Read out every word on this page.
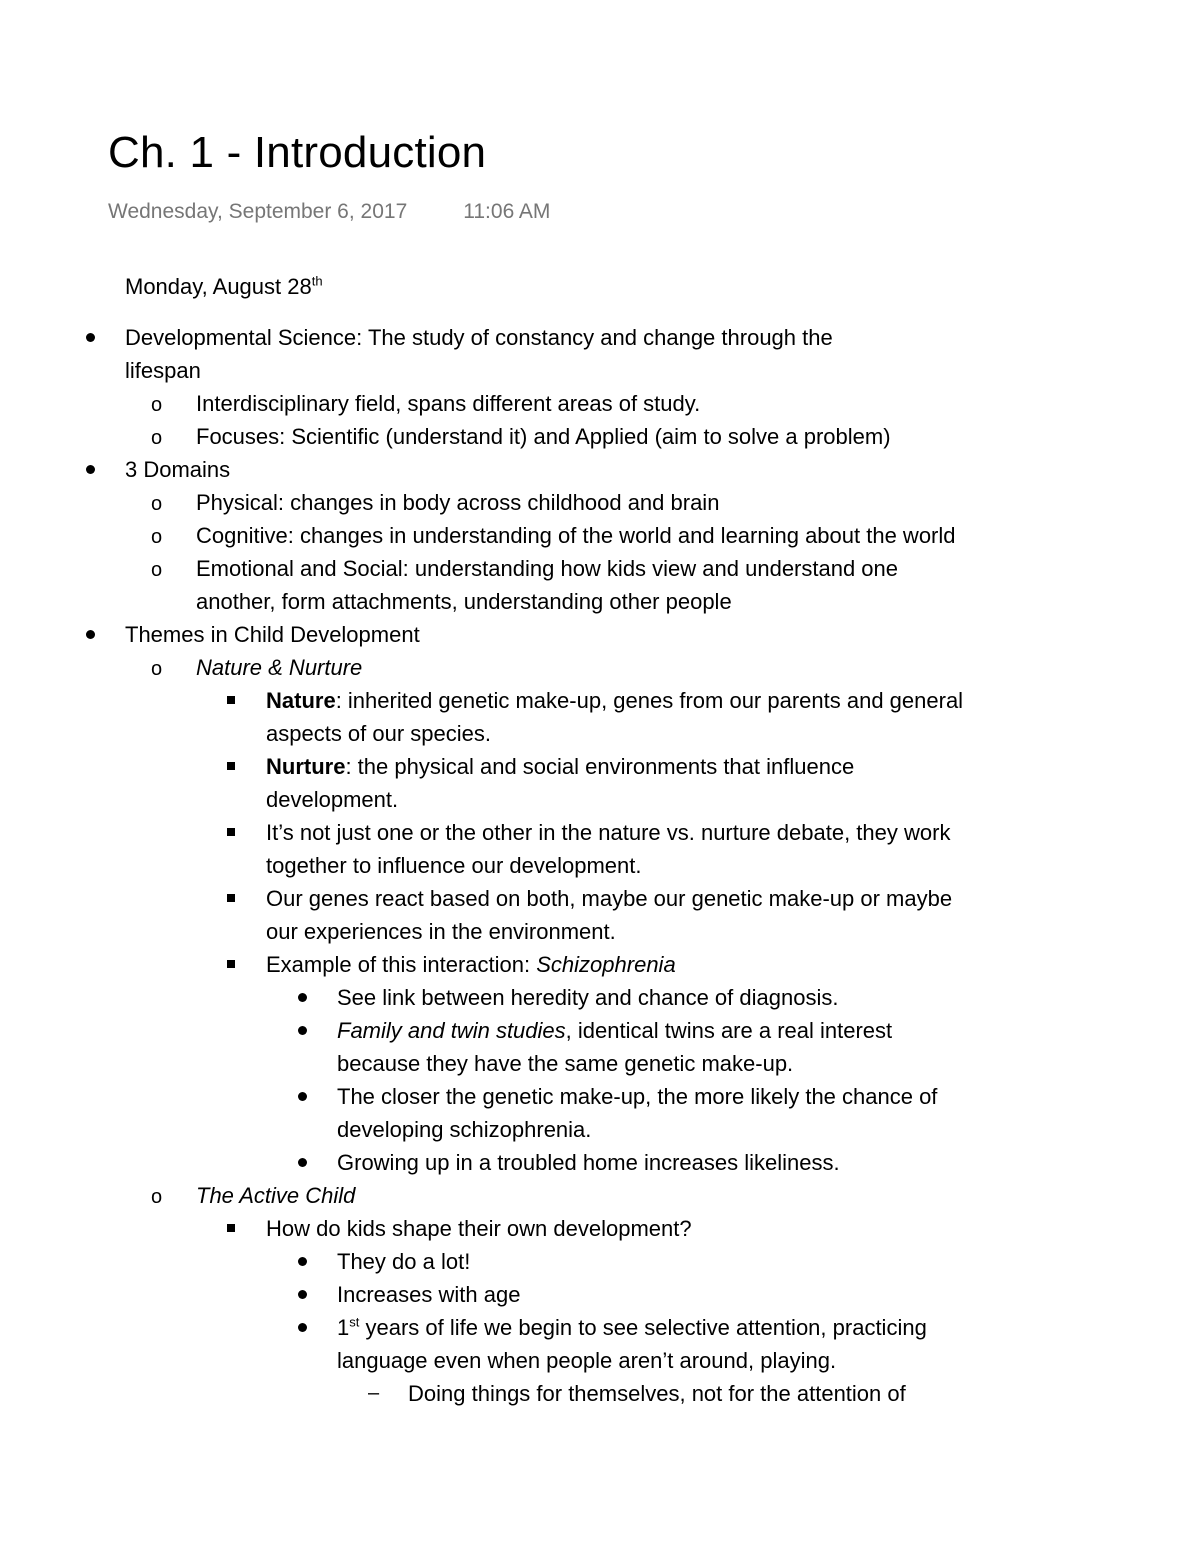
Ch. 1 - Introduction
Wednesday, September 6, 2017	11:06 AM
Monday, August 28th
Developmental Science: The study of constancy and change through the lifespan
o Interdisciplinary field, spans different areas of study.
o Focuses: Scientific (understand it) and Applied (aim to solve a problem)
3 Domains
o Physical: changes in body across childhood and brain
o Cognitive: changes in understanding of the world and learning about the world
o Emotional and Social: understanding how kids view and understand one another, form attachments, understanding other people
Themes in Child Development
o Nature & Nurture
Nature: inherited genetic make-up, genes from our parents and general aspects of our species.
Nurture: the physical and social environments that influence development.
It’s not just one or the other in the nature vs. nurture debate, they work together to influence our development.
Our genes react based on both, maybe our genetic make-up or maybe our experiences in the environment.
Example of this interaction: Schizophrenia
See link between heredity and chance of diagnosis.
Family and twin studies, identical twins are a real interest because they have the same genetic make-up.
The closer the genetic make-up, the more likely the chance of developing schizophrenia.
Growing up in a troubled home increases likeliness.
o The Active Child
How do kids shape their own development?
They do a lot!
Increases with age
1st years of life we begin to see selective attention, practicing language even when people aren’t around, playing.
– Doing things for themselves, not for the attention of
